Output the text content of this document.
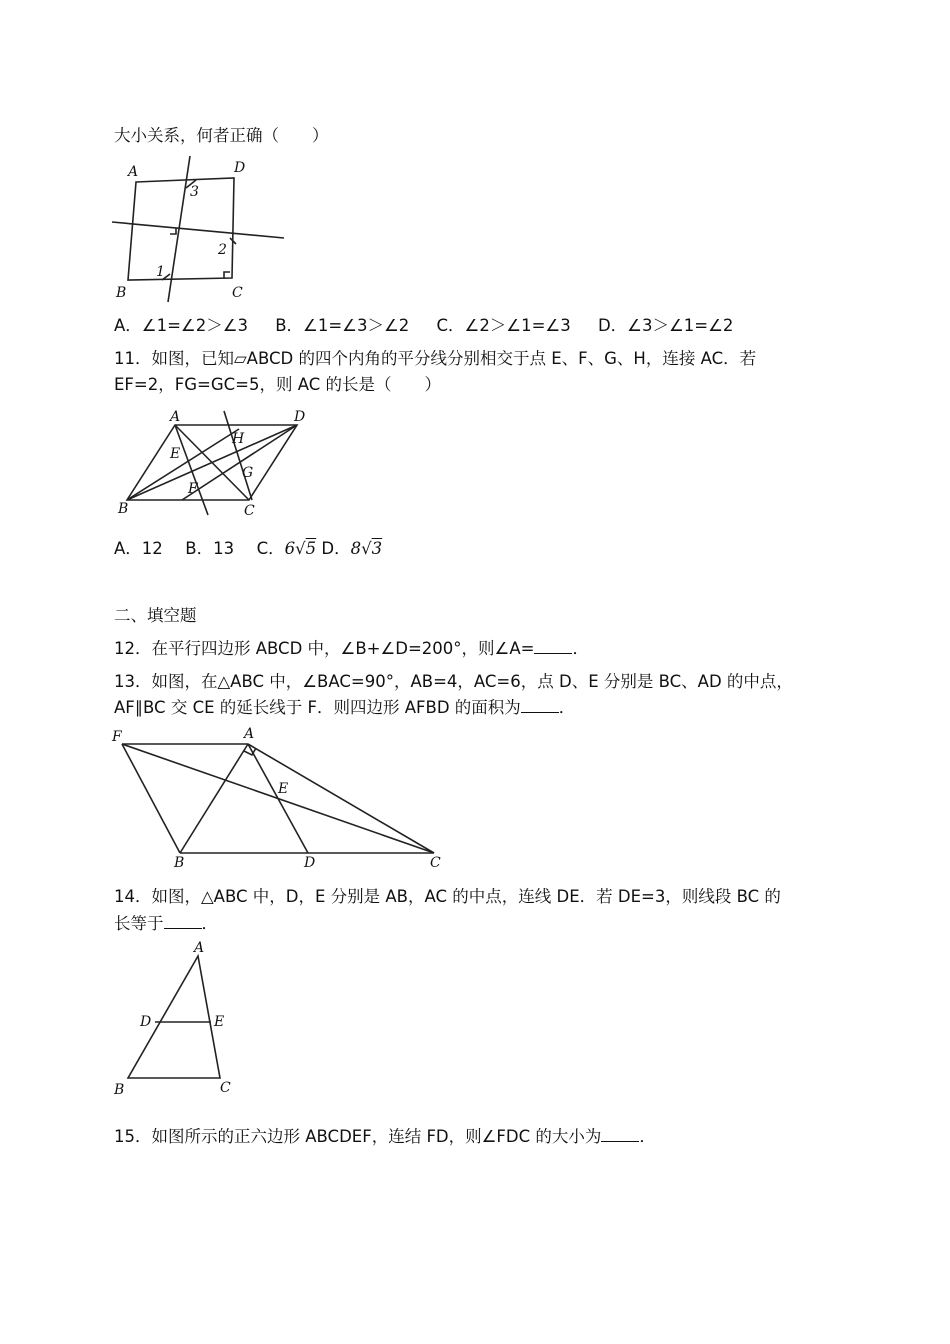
大小关系，何者正确（　　）
A	D
B	C
3
2
1
A．∠1=∠2＞∠3 B．∠1=∠3＞∠2 C．∠2＞∠1=∠3 D．∠3＞∠1=∠2
11．如图，已知▱ABCD 的四个内角的平分线分别相交于点 E、F、G、H，连接 AC．若
EF=2，FG=GC=5，则 AC 的长是（　　）
A	D
B	C
E
F
G
H
A．12 B．13 C．6√5 D．8√3
二、填空题
12．在平行四边形 ABCD 中，∠B+∠D=200°，则∠A= ．
13．如图，在△ABC 中，∠BAC=90°，AB=4，AC=6，点 D、E 分别是 BC、AD 的中点，
AF∥BC 交 CE 的延长线于 F．则四边形 AFBD 的面积为 ．
F	A
E
B	D	C
14．如图，△ABC 中，D，E 分别是 AB，AC 的中点，连线 DE．若 DE=3，则线段 BC 的
长等于 ．
A
D	E
B	C
15．如图所示的正六边形 ABCDEF，连结 FD，则∠FDC 的大小为 ．
